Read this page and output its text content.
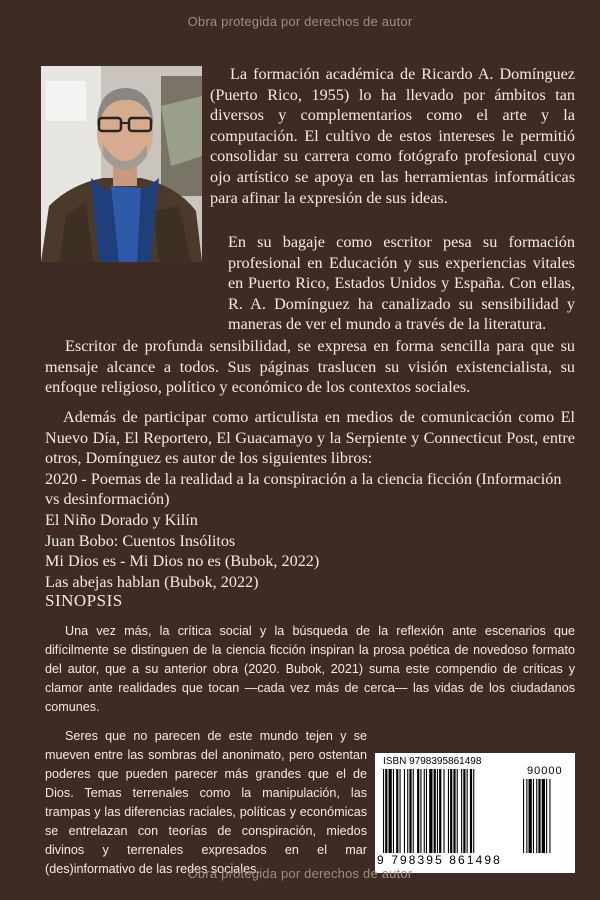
Obra protegida por derechos de autor

La formación académica de Ricardo A. Domínguez (Puerto Rico, 1955) lo ha llevado por ámbitos tan diversos y complementarios como el arte y la computación. El cultivo de estos intereses le permitió consolidar su carrera como fotógrafo profesional cuyo ojo artístico se apoya en las herramientas informáticas para afinar la expresión de sus ideas.

En su bagaje como escritor pesa su formación profesional en Educación y sus experiencias vitales en Puerto Rico, Estados Unidos y España. Con ellas, R. A. Domínguez ha canalizado su sensibilidad y maneras de ver el mundo a través de la literatura.

Escritor de profunda sensibilidad, se expresa en forma sencilla para que su mensaje alcance a todos. Sus páginas traslucen su visión existencialista, su enfoque religioso, político y económico de los contextos sociales.

Además de participar como articulista en medios de comunicación como El Nuevo Día, El Reportero, El Guacamayo y la Serpiente y Connecticut Post, entre otros, Domínguez es autor de los siguientes libros:
2020 - Poemas de la realidad a la conspiración a la ciencia ficción (Información vs desinformación)
El Niño Dorado y Kilín
Juan Bobo: Cuentos Insólitos
Mi Dios es - Mi Dios no es (Bubok, 2022)
Las abejas hablan (Bubok, 2022)
SINOPSIS

Una vez más, la crítica social y la búsqueda de la reflexión ante escenarios que difícilmente se distinguen de la ciencia ficción inspiran la prosa poética de novedoso formato del autor, que a su anterior obra (2020. Bubok, 2021) suma este compendio de críticas y clamor ante realidades que tocan —cada vez más de cerca— las vidas de los ciudadanos comunes.

Seres que no parecen de este mundo tejen y se mueven entre las sombras del anonimato, pero ostentan poderes que pueden parecer más grandes que el de Dios. Temas terrenales como la manipulación, las trampas y las diferencias raciales, políticas y económicas se entrelazan con teorías de conspiración, miedos divinos y terrenales expresados en el mar (des)informativo de las redes sociales.

ISBN 9798395861498
90000
9 798395 861498
Obra protegida por derechos de autor
